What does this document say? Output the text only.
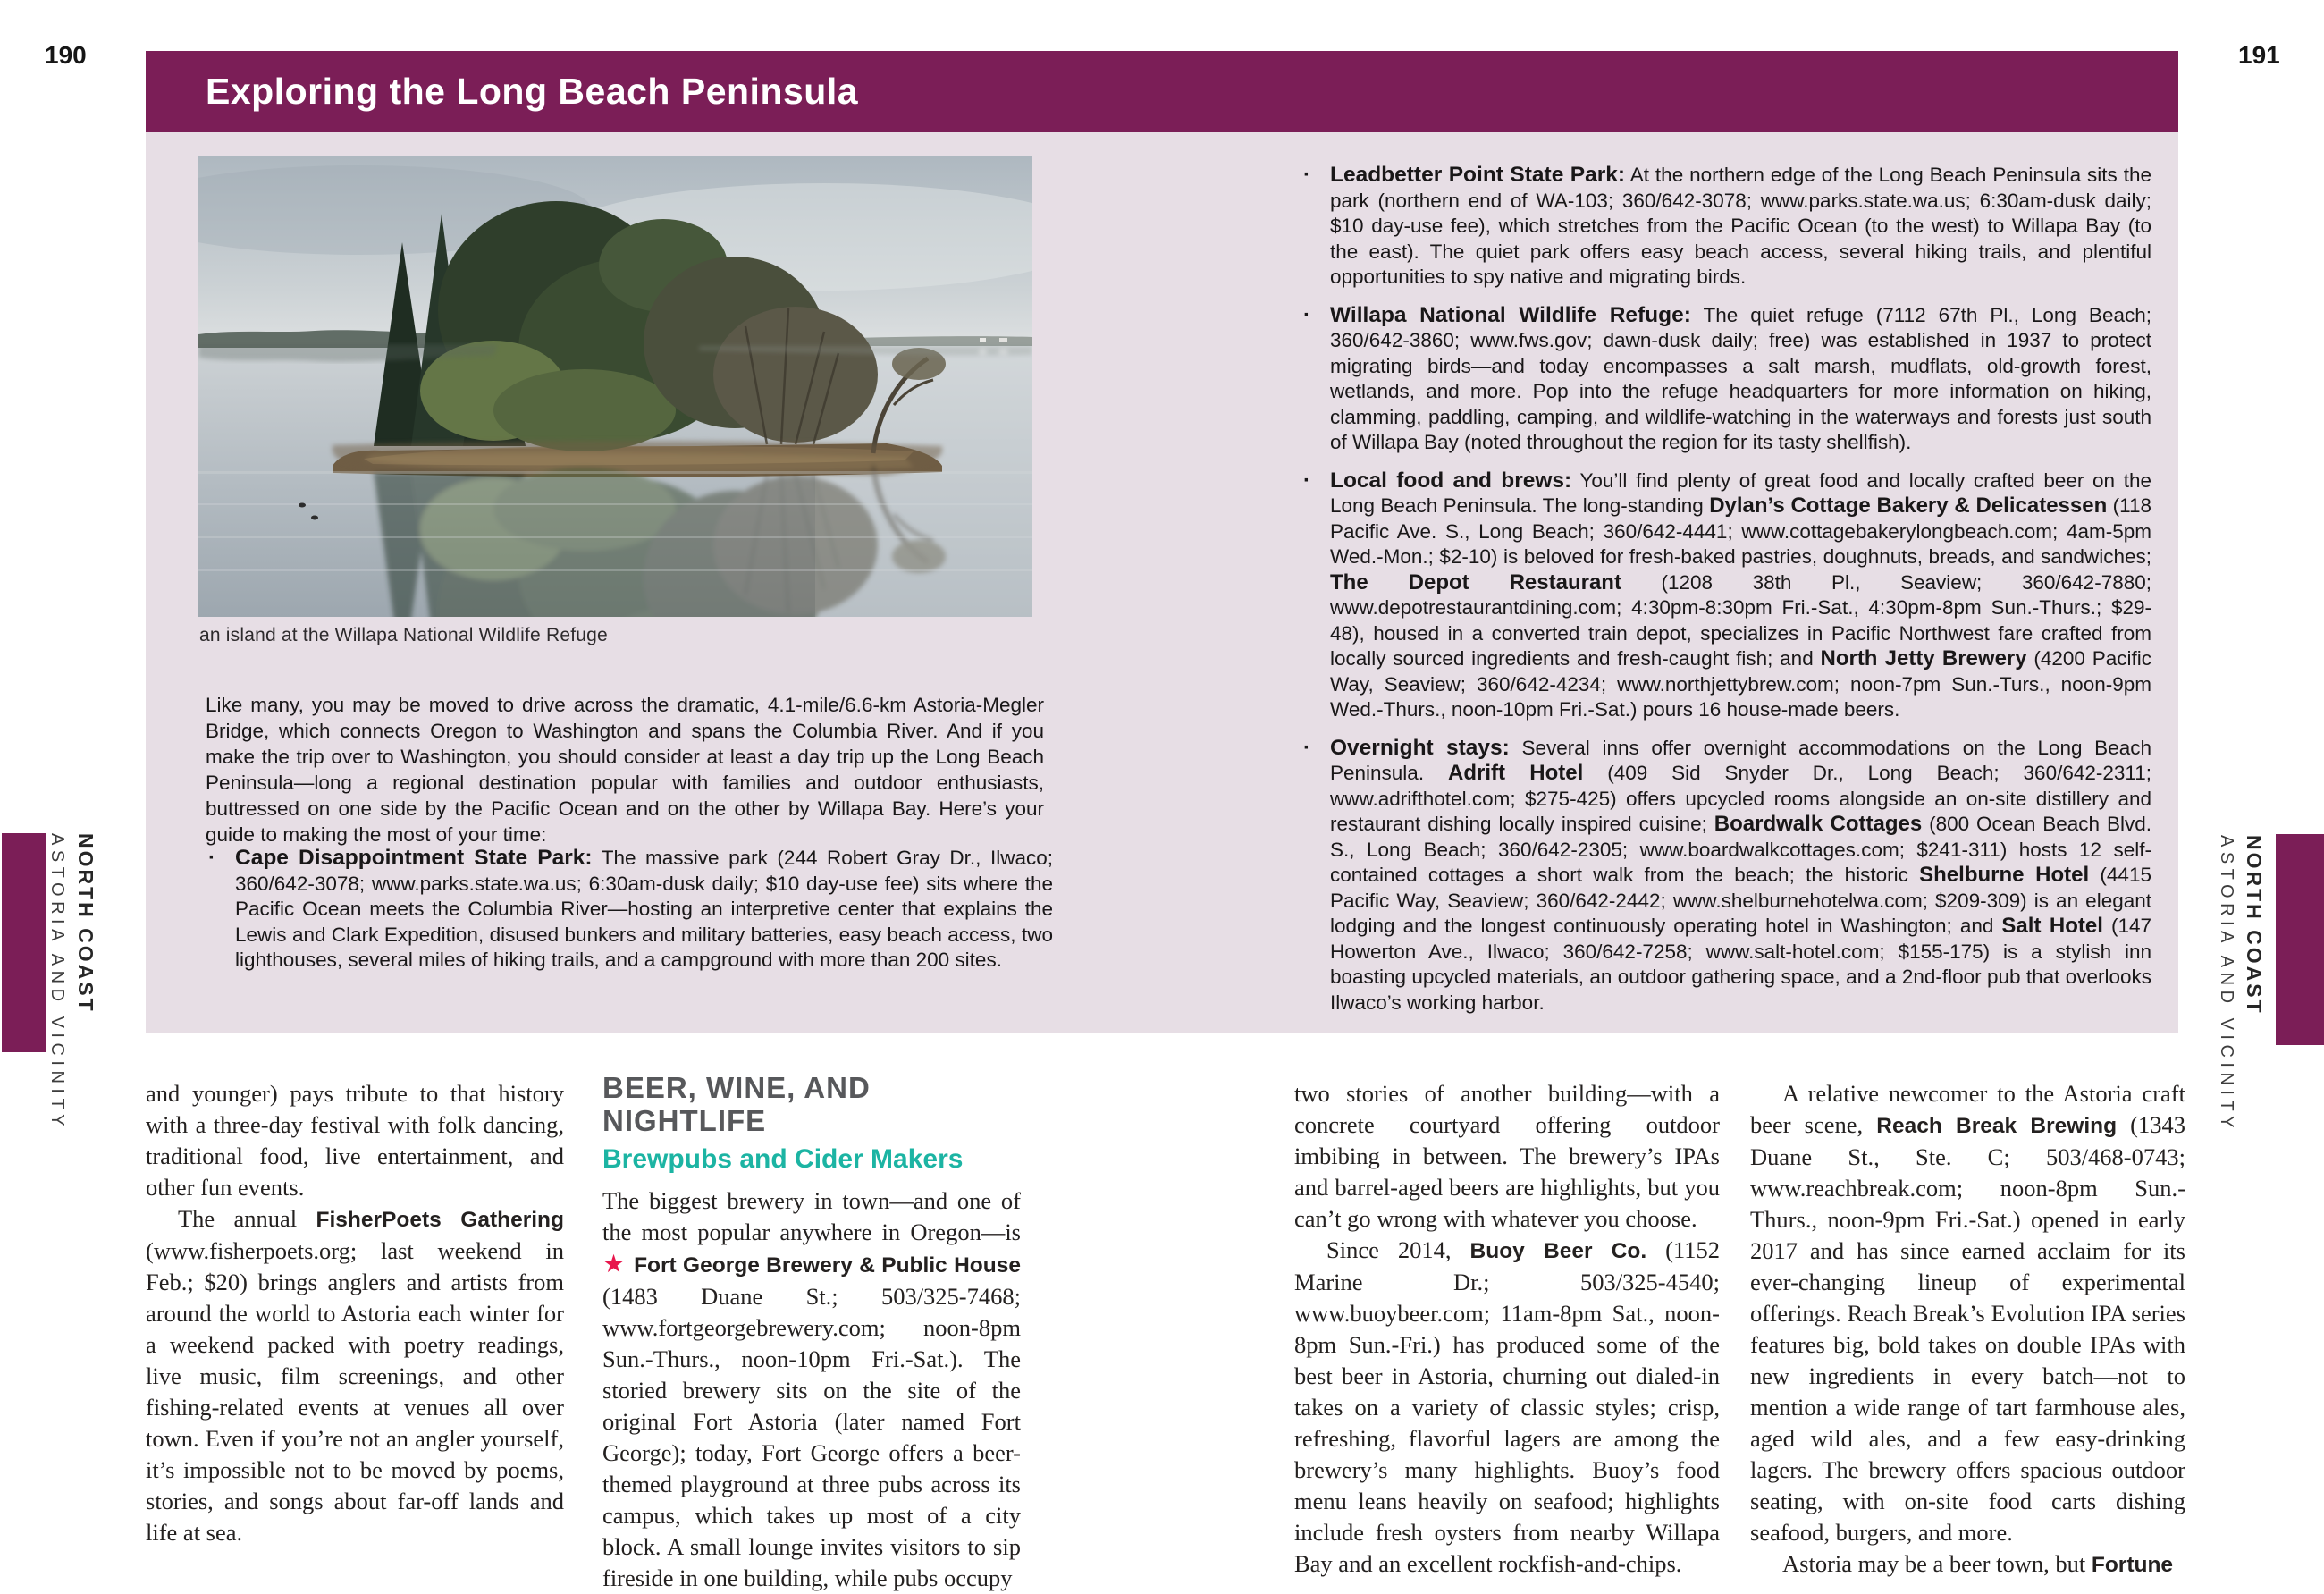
190	191
Exploring the Long Beach Peninsula
an island at the Willapa National Wildlife Refuge
Like many, you may be moved to drive across the dramatic, 4.1-mile/6.6-km Astoria-Megler Bridge, which connects Oregon to Washington and spans the Columbia River. And if you make the trip over to Washington, you should consider at least a day trip up the Long Beach Peninsula—long a regional destination popular with families and outdoor enthusiasts, buttressed on one side by the Pacific Ocean and on the other by Willapa Bay. Here’s your guide to making the most of your time:
· Cape Disappointment State Park: The massive park (244 Robert Gray Dr., Ilwaco; 360/642-3078; www.parks.state.wa.us; 6:30am-dusk daily; $10 day-use fee) sits where the Pacific Ocean meets the Columbia River—hosting an interpretive center that explains the Lewis and Clark Expedition, disused bunkers and military batteries, easy beach access, two lighthouses, several miles of hiking trails, and a campground with more than 200 sites.
· Leadbetter Point State Park: At the northern edge of the Long Beach Peninsula sits the park (northern end of WA-103; 360/642-3078; www.parks.state.wa.us; 6:30am-dusk daily; $10 day-use fee), which stretches from the Pacific Ocean (to the west) to Willapa Bay (to the east). The quiet park offers easy beach access, several hiking trails, and plentiful opportunities to spy native and migrating birds.
· Willapa National Wildlife Refuge: The quiet refuge (7112 67th Pl., Long Beach; 360/642-3860; www.fws.gov; dawn-dusk daily; free) was established in 1937 to protect migrating birds—and today encompasses a salt marsh, mudflats, old-growth forest, wetlands, and more. Pop into the refuge headquarters for more information on hiking, clamming, paddling, camping, and wildlife-watching in the waterways and forests just south of Willapa Bay (noted throughout the region for its tasty shellfish).
· Local food and brews: You’ll find plenty of great food and locally crafted beer on the Long Beach Peninsula. The long-standing Dylan’s Cottage Bakery & Delicatessen (118 Pacific Ave. S., Long Beach; 360/642-4441; www.cottagebakerylongbeach.com; 4am-5pm Wed.-Mon.; $2-10) is beloved for fresh-baked pastries, doughnuts, breads, and sandwiches; The Depot Restaurant (1208 38th Pl., Seaview; 360/642-7880; www.depotrestaurantdining.com; 4:30pm-8:30pm Fri.-Sat., 4:30pm-8pm Sun.-Thurs.; $29-48), housed in a converted train depot, specializes in Pacific Northwest fare crafted from locally sourced ingredients and fresh-caught fish; and North Jetty Brewery (4200 Pacific Way, Seaview; 360/642-4234; www.northjettybrew.com; noon-7pm Sun.-Turs., noon-9pm Wed.-Thurs., noon-10pm Fri.-Sat.) pours 16 house-made beers.
· Overnight stays: Several inns offer overnight accommodations on the Long Beach Peninsula. Adrift Hotel (409 Sid Snyder Dr., Long Beach; 360/642-2311; www.adrifthotel.com; $275-425) offers upcycled rooms alongside an on-site distillery and restaurant dishing locally inspired cuisine; Boardwalk Cottages (800 Ocean Beach Blvd. S., Long Beach; 360/642-2305; www.boardwalkcottages.com; $241-311) hosts 12 self-contained cottages a short walk from the beach; the historic Shelburne Hotel (4415 Pacific Way, Seaview; 360/642-2442; www.shelburnehotelwa.com; $209-309) is an elegant lodging and the longest continuously operating hotel in Washington; and Salt Hotel (147 Howerton Ave., Ilwaco; 360/642-7258; www.salt-hotel.com; $155-175) is a stylish inn boasting upcycled materials, an outdoor gathering space, and a 2nd-floor pub that overlooks Ilwaco’s working harbor.
and younger) pays tribute to that history with a three-day festival with folk dancing, traditional food, live entertainment, and other fun events.
The annual FisherPoets Gathering (www.fisherpoets.org; last weekend in Feb.; $20) brings anglers and artists from around the world to Astoria each winter for a weekend packed with poetry readings, live music, film screenings, and other fishing-related events at venues all over town. Even if you’re not an angler yourself, it’s impossible not to be moved by poems, stories, and songs about far-off lands and life at sea.
BEER, WINE, AND NIGHTLIFE
Brewpubs and Cider Makers
The biggest brewery in town—and one of the most popular anywhere in Oregon—is ★ Fort George Brewery & Public House (1483 Duane St.; 503/325-7468; www.fortgeorgebrewery.com; noon-8pm Sun.-Thurs., noon-10pm Fri.-Sat.). The storied brewery sits on the site of the original Fort Astoria (later named Fort George); today, Fort George offers a beer-themed playground at three pubs across its campus, which takes up most of a city block. A small lounge invites visitors to sip fireside in one building, while pubs occupy
two stories of another building—with a concrete courtyard offering outdoor imbibing in between. The brewery’s IPAs and barrel-aged beers are highlights, but you can’t go wrong with whatever you choose.
Since 2014, Buoy Beer Co. (1152 Marine Dr.; 503/325-4540; www.buoybeer.com; 11am-8pm Sat., noon-8pm Sun.-Fri.) has produced some of the best beer in Astoria, churning out dialed-in takes on a variety of classic styles; crisp, refreshing, flavorful lagers are among the brewery’s many highlights. Buoy’s food menu leans heavily on seafood; highlights include fresh oysters from nearby Willapa Bay and an excellent rockfish-and-chips.
A relative newcomer to the Astoria craft beer scene, Reach Break Brewing (1343 Duane St., Ste. C; 503/468-0743; www.reachbreak.com; noon-8pm Sun.-Thurs., noon-9pm Fri.-Sat.) opened in early 2017 and has since earned acclaim for its ever-changing lineup of experimental offerings. Reach Break’s Evolution IPA series features big, bold takes on double IPAs with new ingredients in every batch—not to mention a wide range of tart farmhouse ales, aged wild ales, and a few easy-drinking lagers. The brewery offers spacious outdoor seating, with on-site food carts dishing seafood, burgers, and more.
Astoria may be a beer town, but Fortune
NORTH COAST
ASTORIA AND VICINITY	NORTH COAST
ASTORIA AND VICINITY
